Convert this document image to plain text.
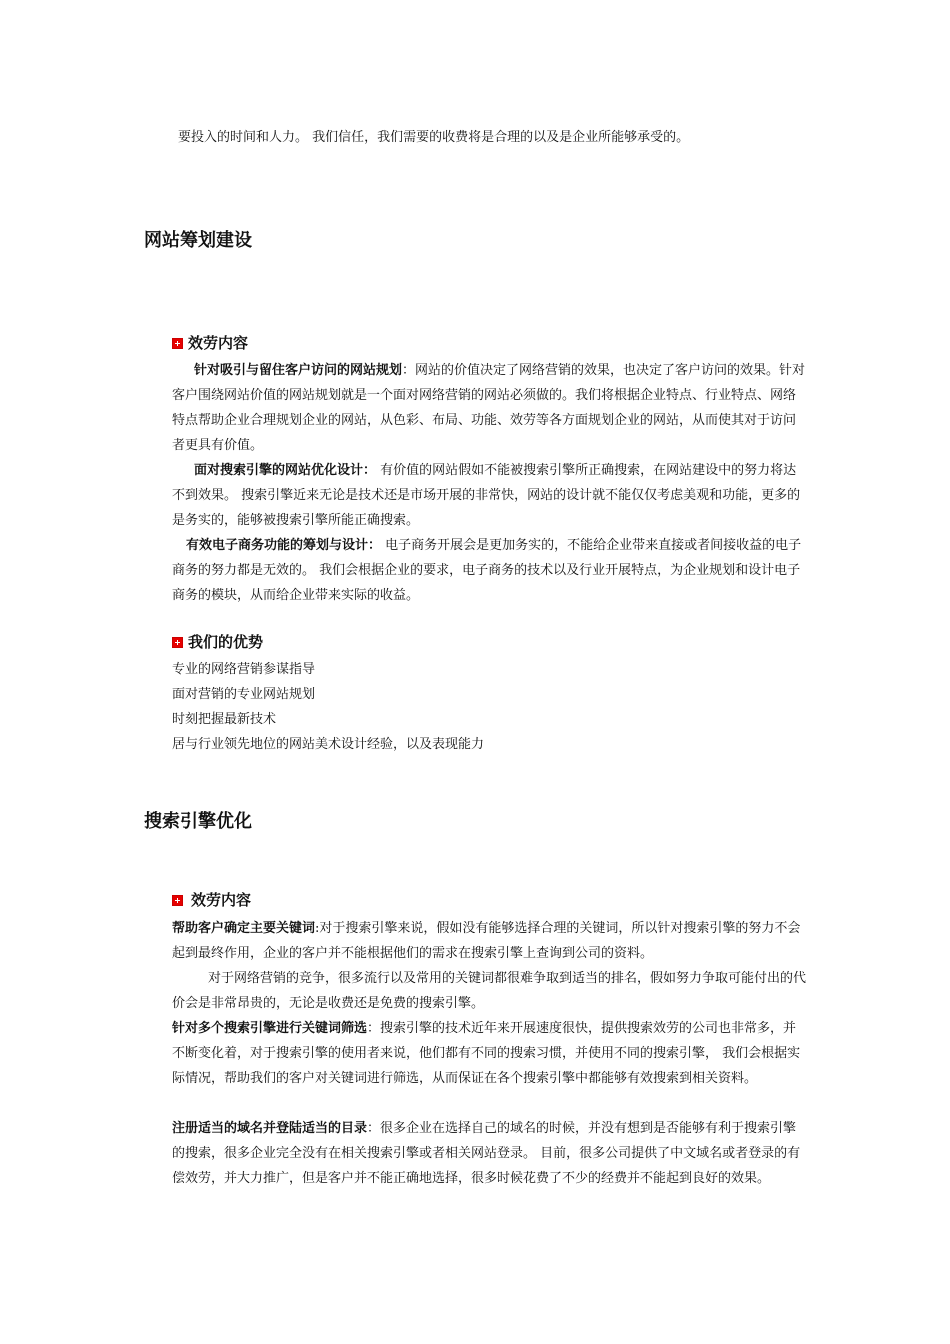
要投入的时间和人力。 我们信任，我们需要的收费将是合理的以及是企业所能够承受的。
网站筹划建设
效劳内容
针对吸引与留住客户访问的网站规划：网站的价值决定了网络营销的效果，也决定了客户访问的效果。针对客户围绕网站价值的网站规划就是一个面对网络营销的网站必须做的。我们将根据企业特点、行业特点、网络特点帮助企业合理规划企业的网站，从色彩、布局、功能、效劳等各方面规划企业的网站，从而使其对于访问者更具有价值。
面对搜索引擎的网站优化设计： 有价值的网站假如不能被搜索引擎所正确搜索，在网站建设中的努力将达不到效果。 搜索引擎近来无论是技术还是市场开展的非常快，网站的设计就不能仅仅考虑美观和功能，更多的是务实的，能够被搜索引擎所能正确搜索。
有效电子商务功能的筹划与设计： 电子商务开展会是更加务实的，不能给企业带来直接或者间接收益的电子商务的努力都是无效的。 我们会根据企业的要求，电子商务的技术以及行业开展特点，为企业规划和设计电子商务的模块，从而给企业带来实际的收益。
我们的优势
专业的网络营销参谋指导
面对营销的专业网站规划
时刻把握最新技术
居与行业领先地位的网站美术设计经验，以及表现能力
搜索引擎优化
效劳内容
帮助客户确定主要关键词:对于搜索引擎来说，假如没有能够选择合理的关键词，所以针对搜索引擎的努力不会起到最终作用，企业的客户并不能根据他们的需求在搜索引擎上查询到公司的资料。
对于网络营销的竞争，很多流行以及常用的关键词都很难争取到适当的排名，假如努力争取可能付出的代价会是非常昂贵的，无论是收费还是免费的搜索引擎。
针对多个搜索引擎进行关键词筛选：搜索引擎的技术近年来开展速度很快，提供搜索效劳的公司也非常多，并不断变化着，对于搜索引擎的使用者来说，他们都有不同的搜索习惯，并使用不同的搜索引擎， 我们会根据实际情况，帮助我们的客户对关键词进行筛选，从而保证在各个搜索引擎中都能够有效搜索到相关资料。
注册适当的域名并登陆适当的目录：很多企业在选择自己的域名的时候，并没有想到是否能够有利于搜索引擎的搜索，很多企业完全没有在相关搜索引擎或者相关网站登录。 目前，很多公司提供了中文域名或者登录的有偿效劳，并大力推广，但是客户并不能正确地选择，很多时候花费了不少的经费并不能起到良好的效果。
